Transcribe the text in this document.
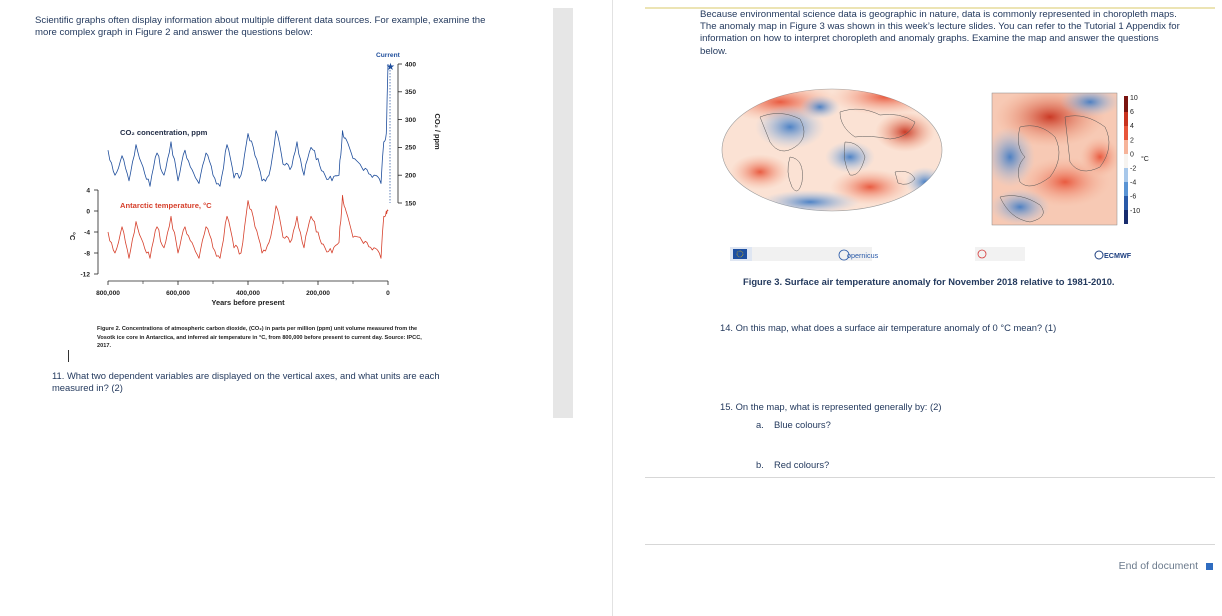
Scientific graphs often display information about multiple different data sources. For example, examine the more complex graph in Figure 2 and answer the questions below:
400
350
300
250
200
150
CO₂ / ppm
Current
★
4
0
-4
-8
-12
°C
800,000	600,000	400,000	200,000	0
Years before present
CO₂ concentration, ppm
Antarctic temperature, °C
Figure 2. Concentrations of atmospheric carbon dioxide, (CO₂) in parts per million (ppm) unit volume measured from the Vosotk ice core in Antarctica, and inferred air temperature in °C, from 800,000 before present to current day. Source: IPCC, 2017.
11. What two dependent variables are displayed on the vertical axes, and what units are each measured in? (2)
Because environmental science data is geographic in nature, data is commonly represented in choropleth maps. The anomaly map in Figure 3 was shown in this week’s lecture slides. You can refer to the Tutorial 1 Appendix for information on how to interpret choropleth and anomaly graphs. Examine the map and answer the questions below.
10
6
4
2
0
-2
-4
-6
-10
°C
opernicus	ECMWF
Figure 3. Surface air temperature anomaly for November 2018 relative to 1981-2010.
14. On this map, what does a surface air temperature anomaly of 0 °C mean? (1)
15. On the map, what is represented generally by: (2)
a. Blue colours?
b. Red colours?
End of document
